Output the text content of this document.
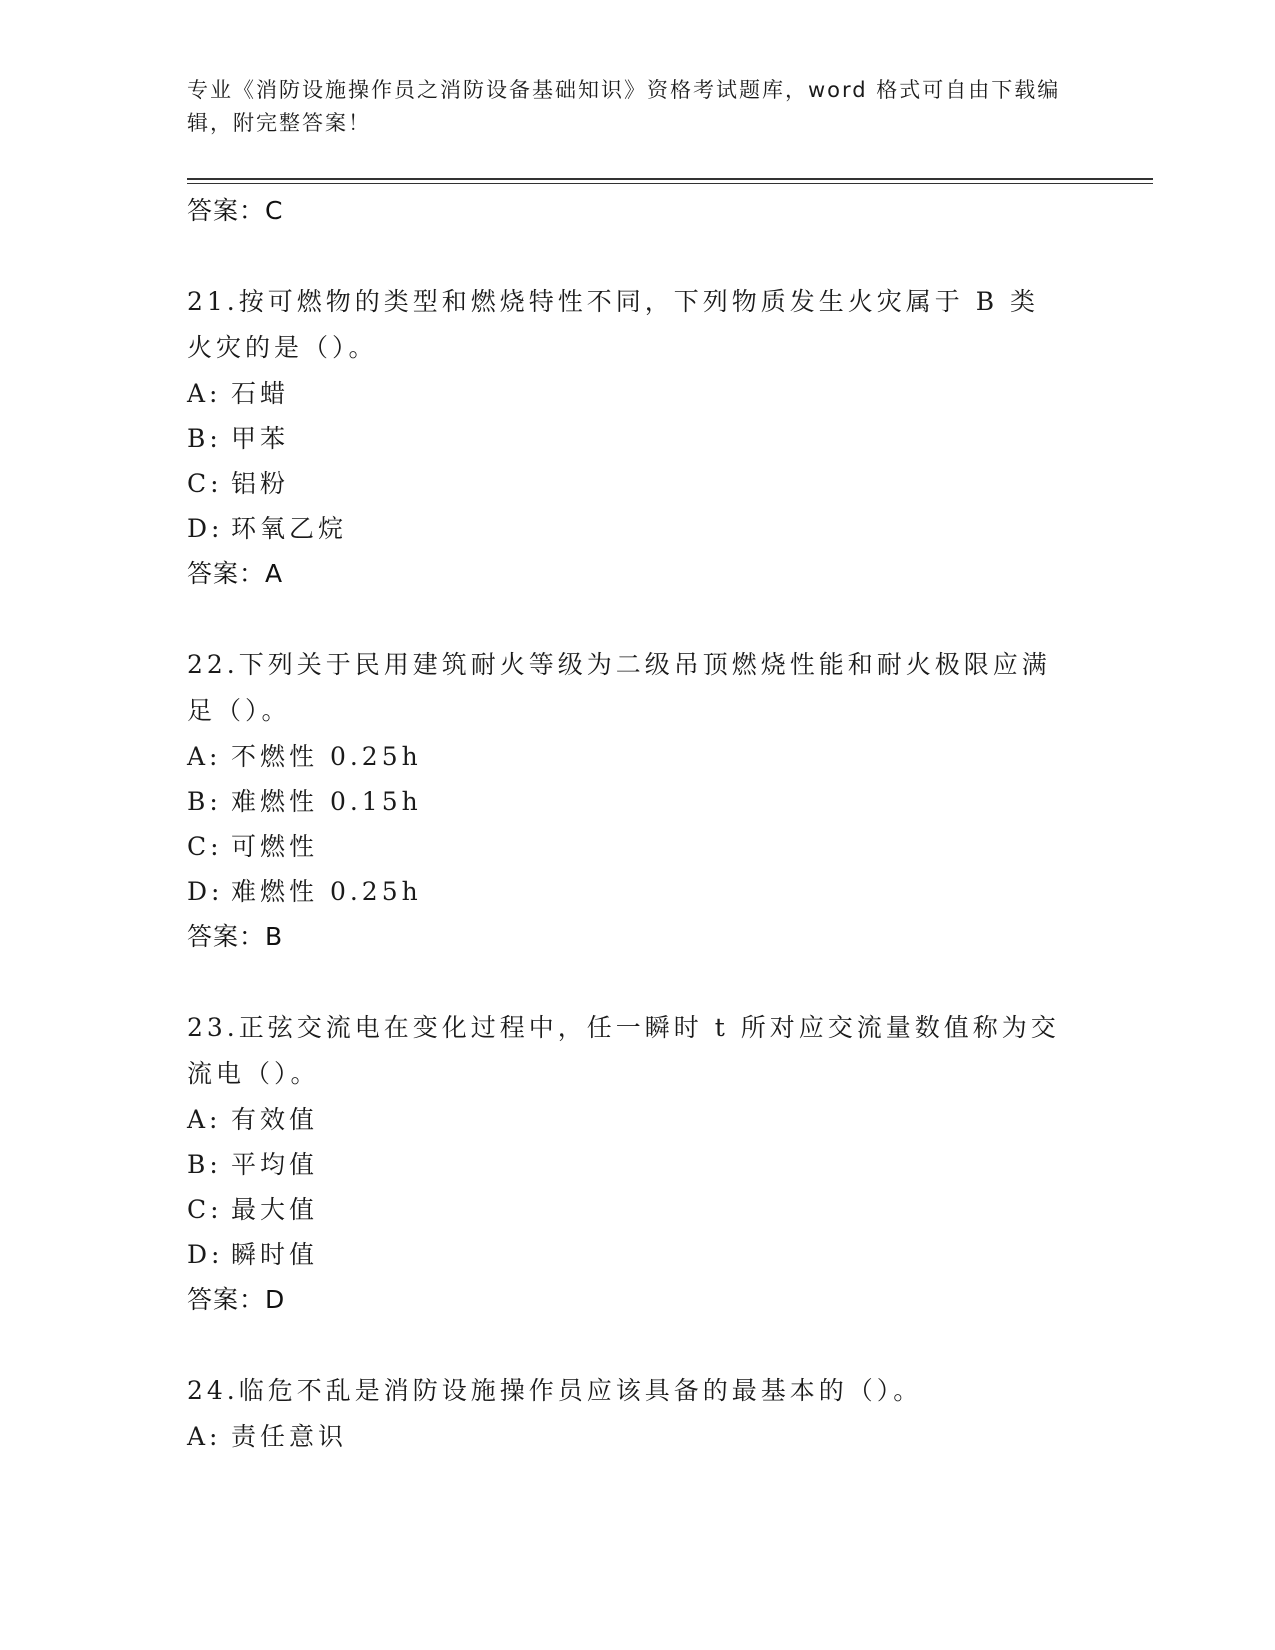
专业《消防设施操作员之消防设备基础知识》资格考试题库，word 格式可自由下载编辑，附完整答案！
答案：C
21.按可燃物的类型和燃烧特性不同，下列物质发生火灾属于 B 类火灾的是（）。
A: 石蜡
B: 甲苯
C: 铝粉
D: 环氧乙烷
答案：A
22.下列关于民用建筑耐火等级为二级吊顶燃烧性能和耐火极限应满足（）。
A: 不燃性 0.25h
B: 难燃性 0.15h
C: 可燃性
D: 难燃性 0.25h
答案：B
23.正弦交流电在变化过程中，任一瞬时 t 所对应交流量数值称为交流电（）。
A: 有效值
B: 平均值
C: 最大值
D: 瞬时值
答案：D
24.临危不乱是消防设施操作员应该具备的最基本的（）。
A: 责任意识
